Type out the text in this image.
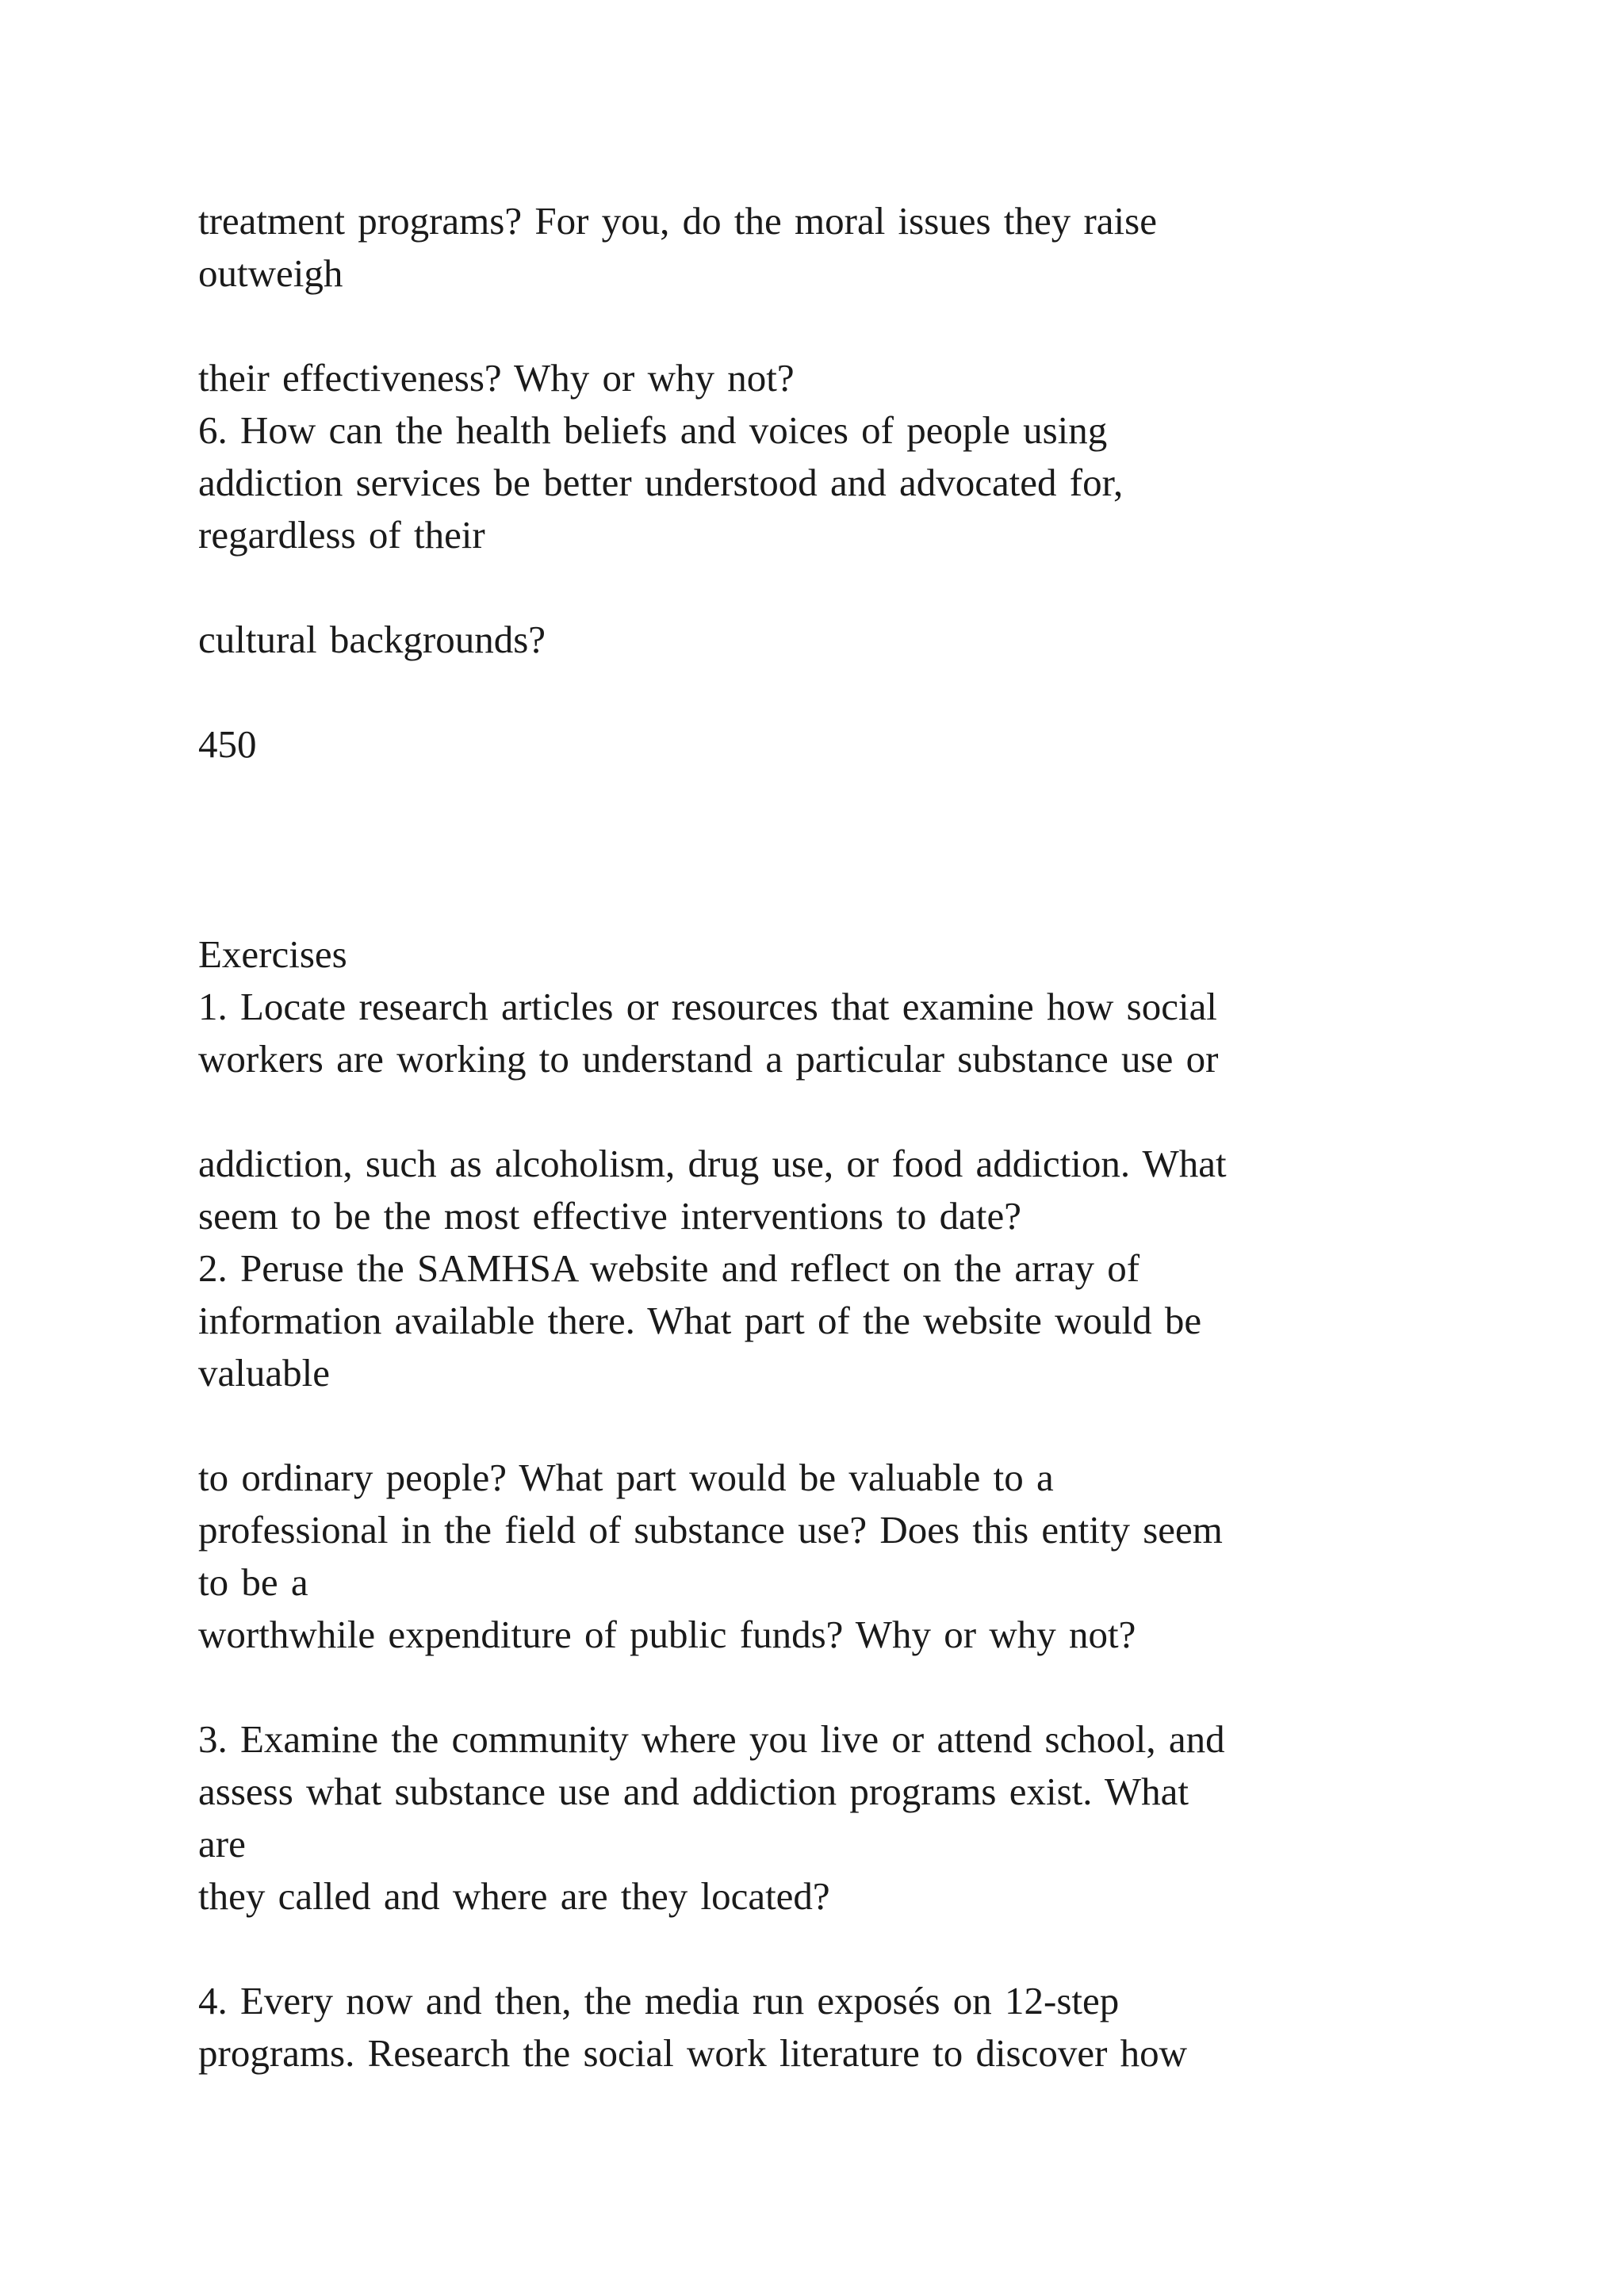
treatment programs? For you, do the moral issues they raise

outweigh

their effectiveness? Why or why not?

6. How can the health beliefs and voices of people using

addiction services be better understood and advocated for,

regardless of their

cultural backgrounds?

450

Exercises

1. Locate research articles or resources that examine how social

workers are working to understand a particular substance use or

addiction, such as alcoholism, drug use, or food addiction. What

seem to be the most effective interventions to date?

2. Peruse the SAMHSA website and reflect on the array of

information available there. What part of the website would be

valuable

to ordinary people? What part would be valuable to a

professional in the field of substance use? Does this entity seem

to be a

worthwhile expenditure of public funds? Why or why not?

3. Examine the community where you live or attend school, and

assess what substance use and addiction programs exist. What

are

they called and where are they located?

4. Every now and then, the media run exposés on 12-step

programs. Research the social work literature to discover how
